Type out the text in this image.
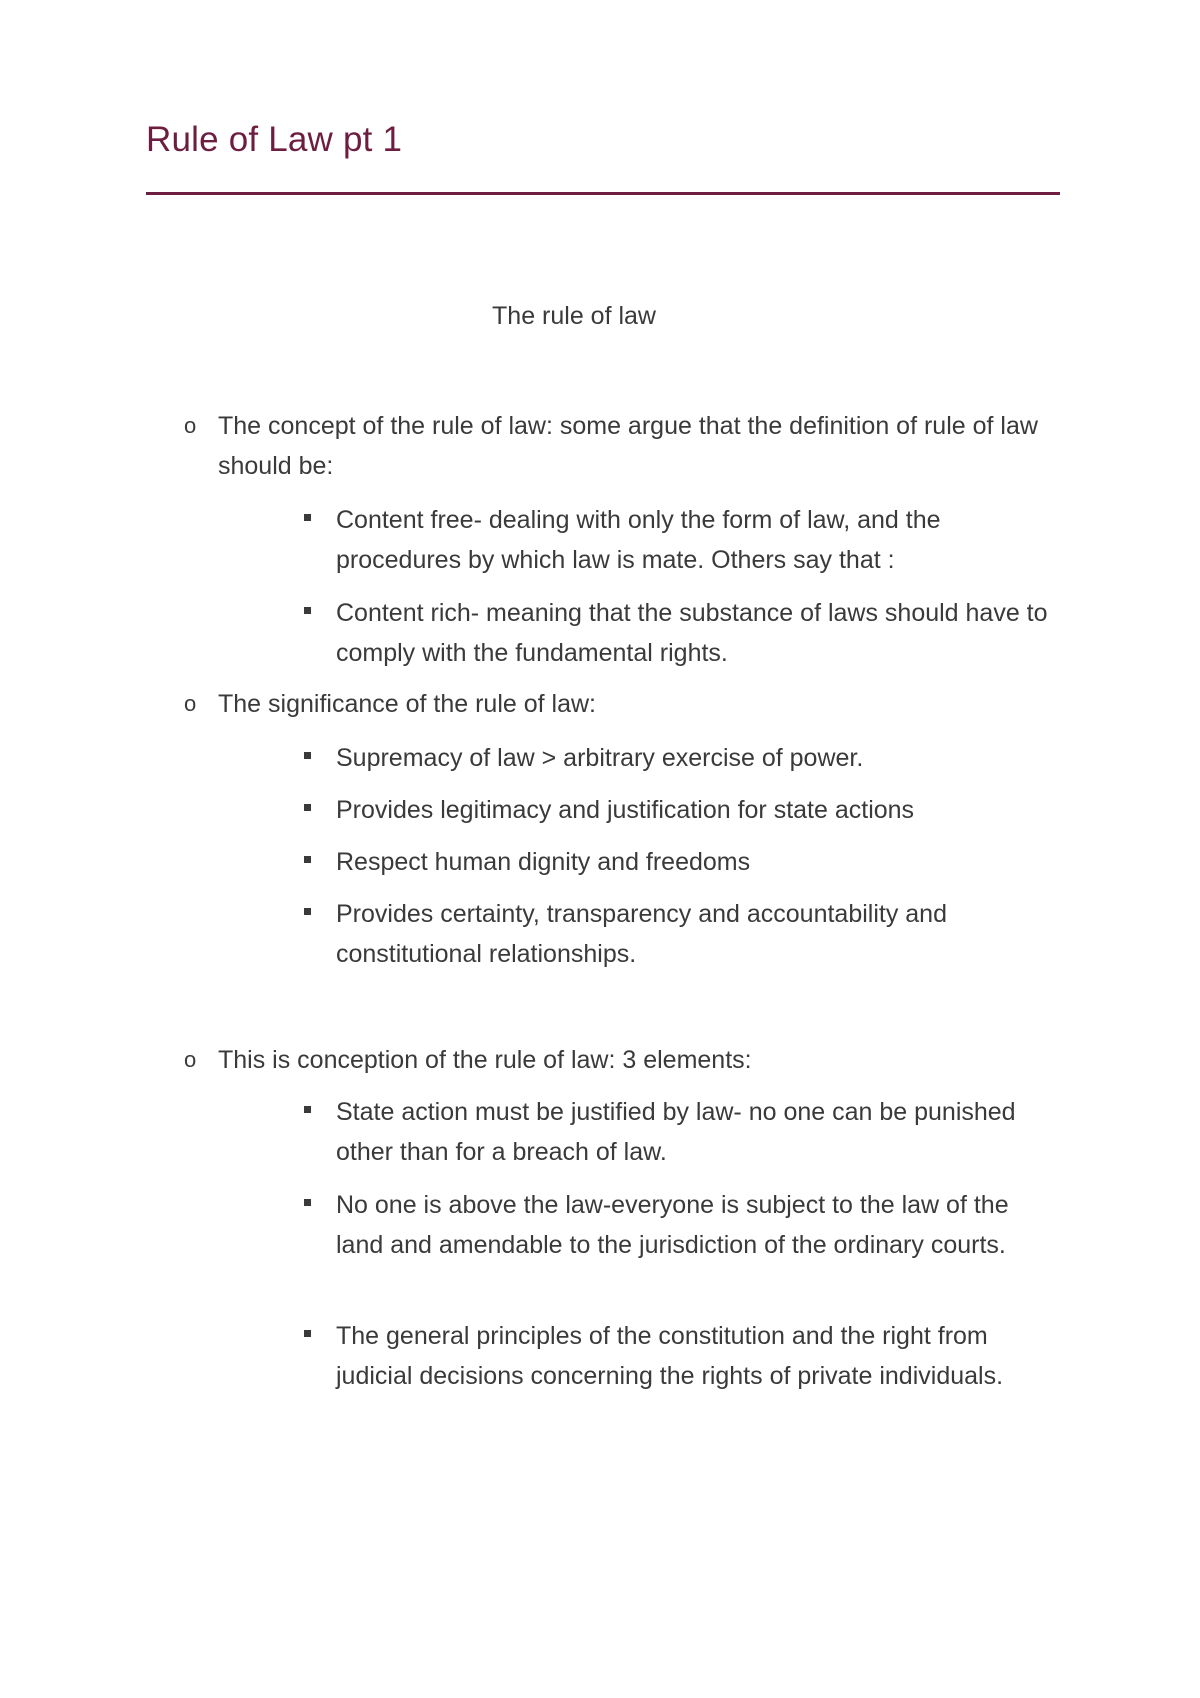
Rule of Law pt 1
The rule of law
o The concept of the rule of law: some argue that the definition of rule of law should be:
Content free- dealing with only the form of law, and the procedures by which law is mate. Others say that :
Content rich- meaning that the substance of laws should have to comply with the fundamental rights.
o The significance of the rule of law:
Supremacy of law > arbitrary exercise of power.
Provides legitimacy and justification for state actions
Respect human dignity and freedoms
Provides certainty, transparency and accountability and constitutional relationships.
o This is conception of the rule of law: 3 elements:
State action must be justified by law- no one can be punished other than for a breach of law.
No one is above the law-everyone is subject to the law of the land and amendable to the jurisdiction of the ordinary courts.
The general principles of the constitution and the right from judicial decisions concerning the rights of private individuals.
